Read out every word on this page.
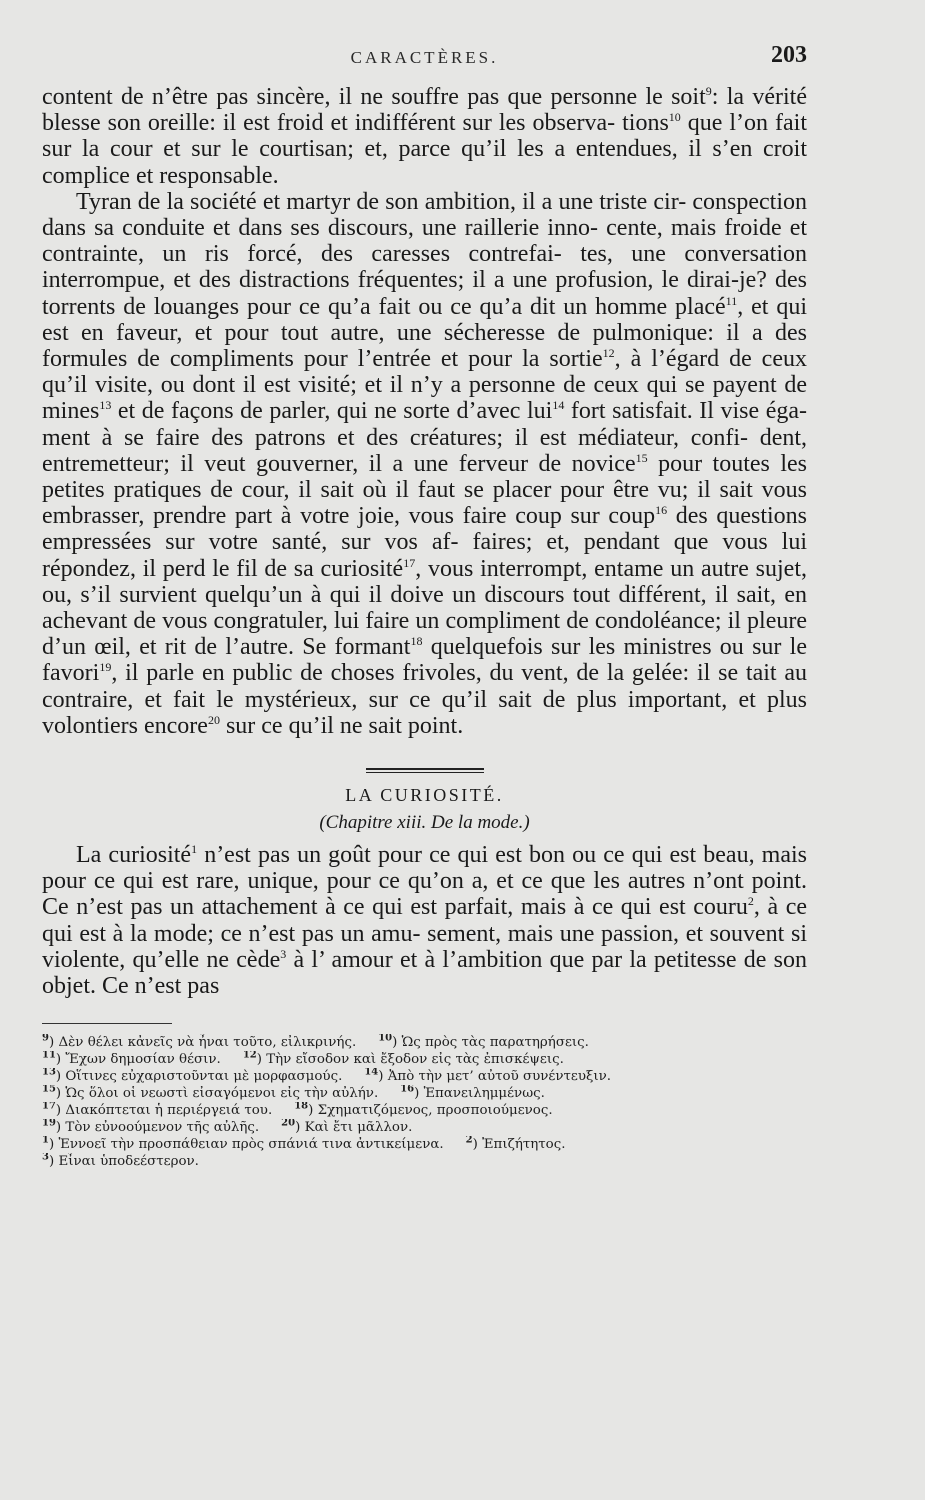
CARACTÈRES.	203

content de n’être pas sincère, il ne souffre pas que personne le soit$^9$: la vérité blesse son oreille: il est froid et indifférent sur les observa- tions$^{10}$ que l’on fait sur la cour et sur le courtisan; et, parce qu’il les a entendues, il s’en croit complice et responsable.

Tyran de la société et martyr de son ambition, il a une triste cir- conspection dans sa conduite et dans ses discours, une raillerie inno- cente, mais froide et contrainte, un ris forcé, des caresses contrefai- tes, une conversation interrompue, et des distractions fréquentes; il a une profusion, le dirai-je? des torrents de louanges pour ce qu’a fait ou ce qu’a dit un homme placé$^{11}$, et qui est en faveur, et pour tout autre, une sécheresse de pulmonique: il a des formules de compliments pour l’entrée et pour la sortie$^{12}$, à l’égard de ceux qu’il visite, ou dont il est visité; et il n’y a personne de ceux qui se payent de mines$^{13}$ et de façons de parler, qui ne sorte d’avec lui$^{14}$ fort satisfait. Il vise éga- ment à se faire des patrons et des créatures; il est médiateur, confi- dent, entremetteur; il veut gouverner, il a une ferveur de novice$^{15}$ pour toutes les petites pratiques de cour, il sait où il faut se placer pour être vu; il sait vous embrasser, prendre part à votre joie, vous faire coup sur coup$^{16}$ des questions empressées sur votre santé, sur vos af- faires; et, pendant que vous lui répondez, il perd le fil de sa curiosité$^{17}$, vous interrompt, entame un autre sujet, ou, s’il survient quelqu’un à qui il doive un discours tout différent, il sait, en achevant de vous congratuler, lui faire un compliment de condoléance; il pleure d’un œil, et rit de l’autre. Se formant$^{18}$ quelquefois sur les ministres ou sur le favori$^{19}$, il parle en public de choses frivoles, du vent, de la gelée: il se tait au contraire, et fait le mystérieux, sur ce qu’il sait de plus important, et plus volontiers encore$^{20}$ sur ce qu’il ne sait point.

LA CURIOSITÉ.
(Chapitre xiii. De la mode.)

La curiosité$^1$ n’est pas un goût pour ce qui est bon ou ce qui est beau, mais pour ce qui est rare, unique, pour ce qu’on a, et ce que les autres n’ont point. Ce n’est pas un attachement à ce qui est parfait, mais à ce qui est couru$^2$, à ce qui est à la mode; ce n’est pas un amu- sement, mais une passion, et souvent si violente, qu’elle ne cède$^3$ à l’ amour et à l’ambition que par la petitesse de son objet. Ce n’est pas

$^9$) Δὲν θέλει κἀνεῖς νὰ ἦναι τοῦτο, εἰλικρινής. $^{10}$) Ὡς πρὸς τὰς παρατηρήσεις.
$^{11}$) Ἔχων δημοσίαν θέσιν. $^{12}$) Τὴν εἴσοδον καὶ ἔξοδον εἰς τὰς ἐπισκέψεις.
$^{13}$) Οἵτινες εὐχαριστοῦνται μὲ μορφασμούς. $^{14}$) Ἀπὸ τὴν μετ’ αὐτοῦ συνέντευξιν.
$^{15}$) Ὡς ὅλοι οἱ νεωστὶ εἰσαγόμενοι εἰς τὴν αὐλήν. $^{16}$) Ἐπανειλημμένως.
$^{17}$) Διακόπτεται ἡ περιέργειά του. $^{18}$) Σχηματιζόμενος, προσποιούμενος.
$^{19}$) Τὸν εὐνοούμενον τῆς αὐλῆς. $^{20}$) Καὶ ἔτι μᾶλλον.
$^1$) Ἐννοεῖ τὴν προσπάθειαν πρὸς σπάνιά τινα ἀντικείμενα. $^2$) Ἐπιζήτητος.
$^3$) Εἶναι ὑποδεέστερον.
